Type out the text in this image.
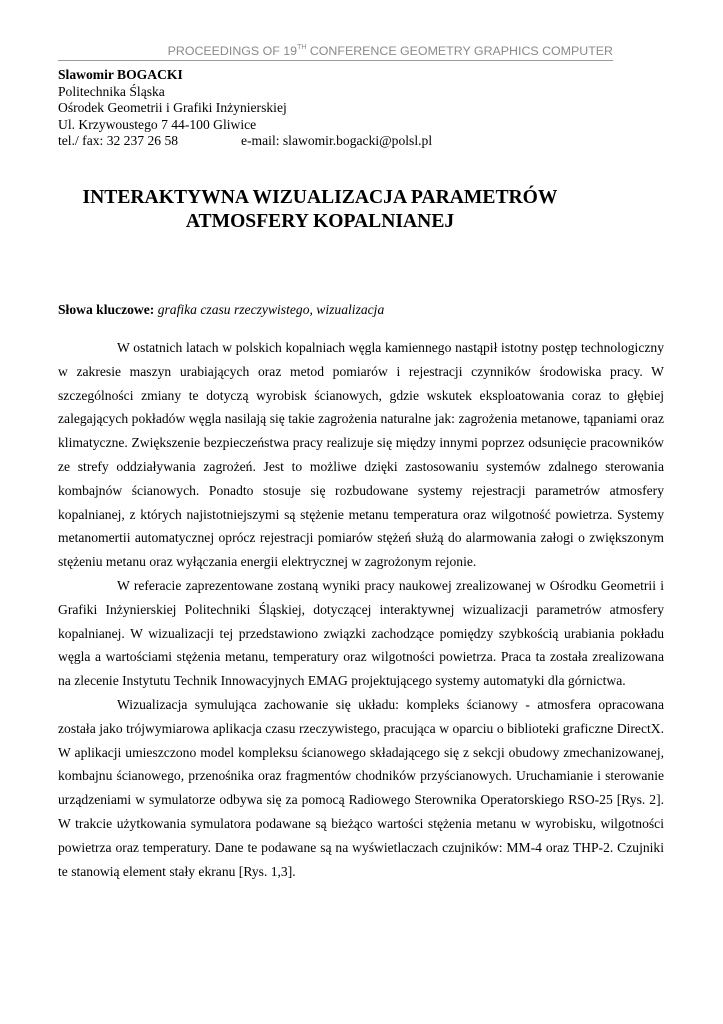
PROCEEDINGS OF 19TH CONFERENCE GEOMETRY GRAPHICS COMPUTER
Slawomir BOGACKI
Politechnika Śląska
Ośrodek Geometrii i Grafiki Inżynierskiej
Ul. Krzywoustego 7 44-100 Gliwice
tel./ fax: 32 237 26 58	e-mail: slawomir.bogacki@polsl.pl
INTERAKTYWNA WIZUALIZACJA PARAMETRÓW
ATMOSFERY KOPALNIANEJ
Słowa kluczowe: grafika czasu rzeczywistego, wizualizacja

W ostatnich latach w polskich kopalniach węgla kamiennego nastąpił istotny postęp technologiczny w zakresie maszyn urabiających oraz metod pomiarów i rejestracji czynników środowiska pracy. W szczególności zmiany te dotyczą wyrobisk ścianowych, gdzie wskutek eksploatowania coraz to głębiej zalegających pokładów węgla nasilają się takie zagrożenia naturalne jak: zagrożenia metanowe, tąpaniami oraz klimatyczne. Zwiększenie bezpieczeństwa pracy realizuje się między innymi poprzez odsunięcie pracowników ze strefy oddziaływania zagrożeń. Jest to możliwe dzięki zastosowaniu systemów zdalnego sterowania kombajnów ścianowych. Ponadto stosuje się rozbudowane systemy rejestracji parametrów atmosfery kopalnianej, z których najistotniejszymi są stężenie metanu temperatura oraz wilgotność powietrza. Systemy metanomertii automatycznej oprócz rejestracji pomiarów stężeń służą do alarmowania załogi o zwiększonym stężeniu metanu oraz wyłączania energii elektrycznej w zagrożonym rejonie.

W referacie zaprezentowane zostaną wyniki pracy naukowej zrealizowanej w Ośrodku Geometrii i Grafiki Inżynierskiej Politechniki Śląskiej, dotyczącej interaktywnej wizualizacji parametrów atmosfery kopalnianej. W wizualizacji tej przedstawiono związki zachodzące pomiędzy szybkością urabiania pokładu węgla a wartościami stężenia metanu, temperatury oraz wilgotności powietrza. Praca ta została zrealizowana na zlecenie Instytutu Technik Innowacyjnych EMAG projektującego systemy automatyki dla górnictwa.

Wizualizacja symulująca zachowanie się układu: kompleks ścianowy - atmosfera opracowana została jako trójwymiarowa aplikacja czasu rzeczywistego, pracująca w oparciu o biblioteki graficzne DirectX. W aplikacji umieszczono model kompleksu ścianowego składającego się z sekcji obudowy zmechanizowanej, kombajnu ścianowego, przenośnika oraz fragmentów chodników przyścianowych. Uruchamianie i sterowanie urządzeniami w symulatorze odbywa się za pomocą Radiowego Sterownika Operatorskiego RSO-25 [Rys. 2]. W trakcie użytkowania symulatora podawane są bieżąco wartości stężenia metanu w wyrobisku, wilgotności powietrza oraz temperatury. Dane te podawane są na wyświetlaczach czujników: MM-4 oraz THP-2. Czujniki te stanowią element stały ekranu [Rys. 1,3].
